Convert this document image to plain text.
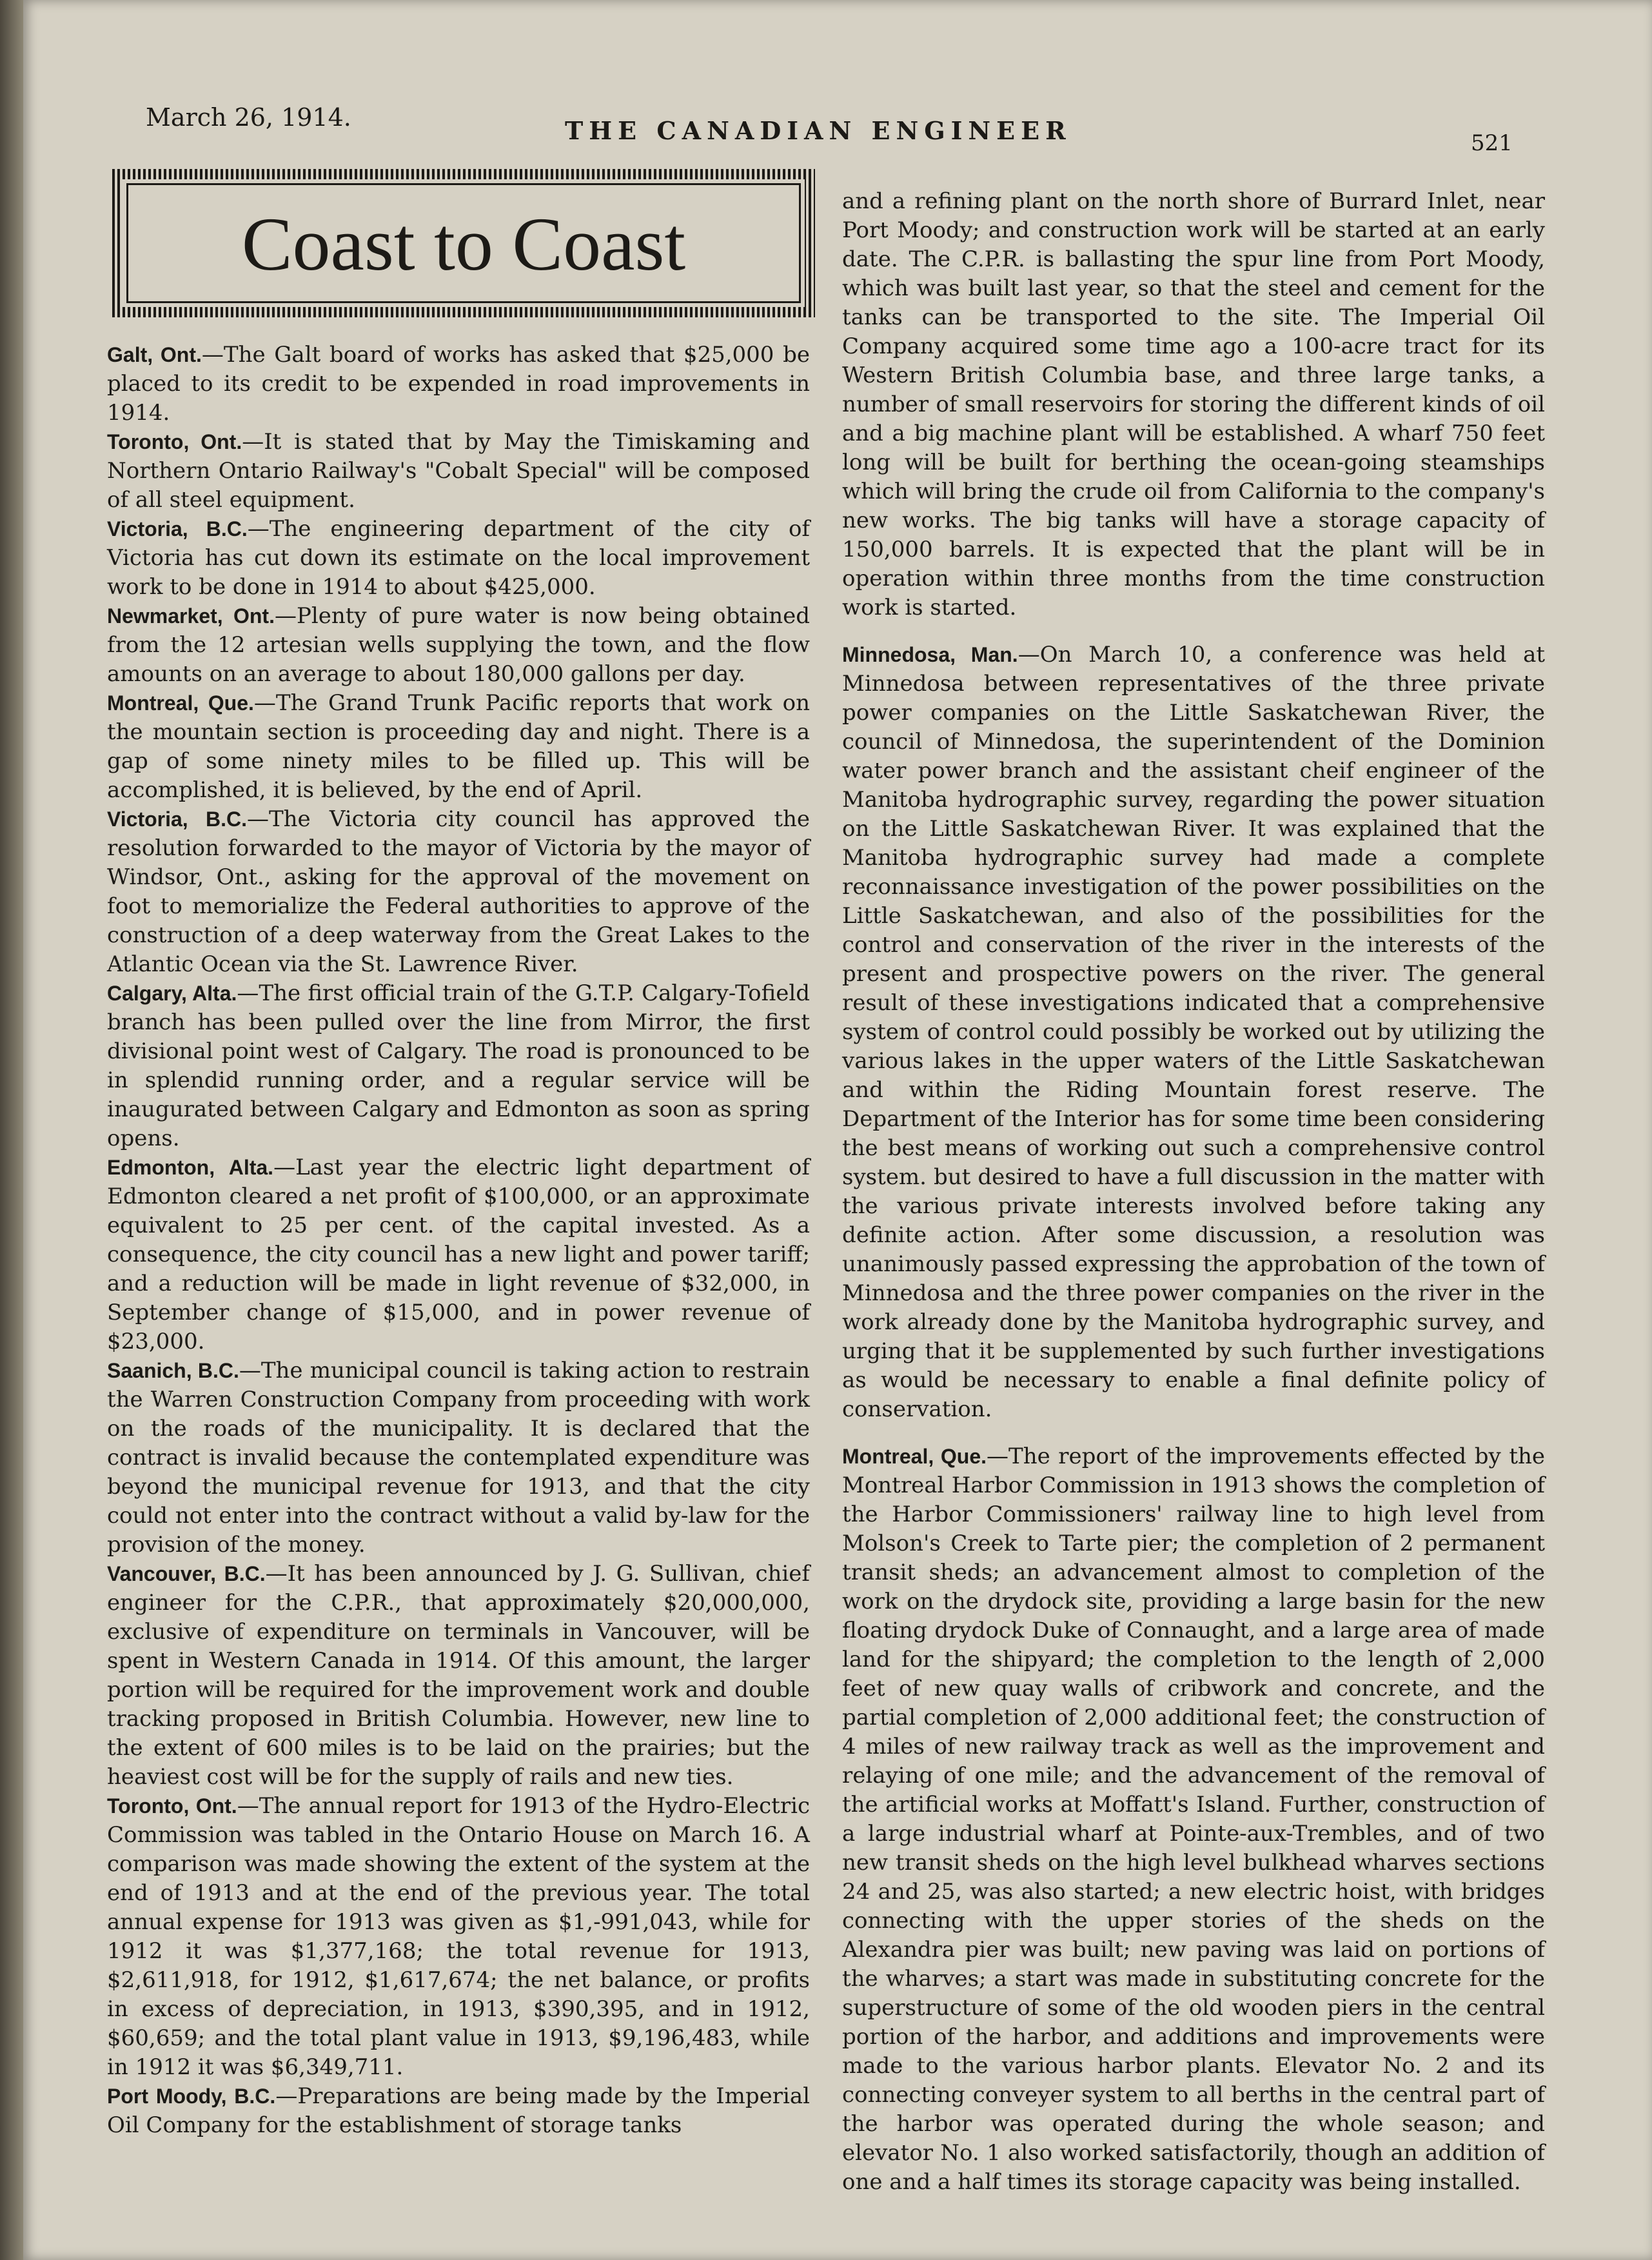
March 26, 1914.	THE CANADIAN ENGINEER	521
Coast to Coast

Galt, Ont.—The Galt board of works has asked that $25,000 be placed to its credit to be expended in road improvements in 1914.

Toronto, Ont.—It is stated that by May the Timiskaming and Northern Ontario Railway's "Cobalt Special" will be composed of all steel equipment.

Victoria, B.C.—The engineering department of the city of Victoria has cut down its estimate on the local improvement work to be done in 1914 to about $425,000.

Newmarket, Ont.—Plenty of pure water is now being obtained from the 12 artesian wells supplying the town, and the flow amounts on an average to about 180,000 gallons per day.

Montreal, Que.—The Grand Trunk Pacific reports that work on the mountain section is proceeding day and night. There is a gap of some ninety miles to be filled up. This will be accomplished, it is believed, by the end of April.

Victoria, B.C.—The Victoria city council has approved the resolution forwarded to the mayor of Victoria by the mayor of Windsor, Ont., asking for the approval of the movement on foot to memorialize the Federal authorities to approve of the construction of a deep waterway from the Great Lakes to the Atlantic Ocean via the St. Lawrence River.

Calgary, Alta.—The first official train of the G.T.P. Calgary-Tofield branch has been pulled over the line from Mirror, the first divisional point west of Calgary. The road is pronounced to be in splendid running order, and a regular service will be inaugurated between Calgary and Edmonton as soon as spring opens.

Edmonton, Alta.—Last year the electric light department of Edmonton cleared a net profit of $100,000, or an approximate equivalent to 25 per cent. of the capital invested. As a consequence, the city council has a new light and power tariff; and a reduction will be made in light revenue of $32,000, in September change of $15,000, and in power revenue of $23,000.

Saanich, B.C.—The municipal council is taking action to restrain the Warren Construction Company from proceeding with work on the roads of the municipality. It is declared that the contract is invalid because the contemplated expenditure was beyond the municipal revenue for 1913, and that the city could not enter into the contract without a valid by-law for the provision of the money.

Vancouver, B.C.—It has been announced by J. G. Sullivan, chief engineer for the C.P.R., that approximately $20,000,000, exclusive of expenditure on terminals in Vancouver, will be spent in Western Canada in 1914. Of this amount, the larger portion will be required for the improvement work and double tracking proposed in British Columbia. However, new line to the extent of 600 miles is to be laid on the prairies; but the heaviest cost will be for the supply of rails and new ties.

Toronto, Ont.—The annual report for 1913 of the Hydro-Electric Commission was tabled in the Ontario House on March 16. A comparison was made showing the extent of the system at the end of 1913 and at the end of the previous year. The total annual expense for 1913 was given as $1,-991,043, while for 1912 it was $1,377,168; the total revenue for 1913, $2,611,918, for 1912, $1,617,674; the net balance, or profits in excess of depreciation, in 1913, $390,395, and in 1912, $60,659; and the total plant value in 1913, $9,196,483, while in 1912 it was $6,349,711.

Port Moody, B.C.—Preparations are being made by the Imperial Oil Company for the establishment of storage tanks

and a refining plant on the north shore of Burrard Inlet, near Port Moody; and construction work will be started at an early date. The C.P.R. is ballasting the spur line from Port Moody, which was built last year, so that the steel and cement for the tanks can be transported to the site. The Imperial Oil Company acquired some time ago a 100-acre tract for its Western British Columbia base, and three large tanks, a number of small reservoirs for storing the different kinds of oil and a big machine plant will be established. A wharf 750 feet long will be built for berthing the ocean-going steamships which will bring the crude oil from California to the company's new works. The big tanks will have a storage capacity of 150,000 barrels. It is expected that the plant will be in operation within three months from the time construction work is started.

Minnedosa, Man.—On March 10, a conference was held at Minnedosa between representatives of the three private power companies on the Little Saskatchewan River, the council of Minnedosa, the superintendent of the Dominion water power branch and the assistant cheif engineer of the Manitoba hydrographic survey, regarding the power situation on the Little Saskatchewan River. It was explained that the Manitoba hydrographic survey had made a complete reconnaissance investigation of the power possibilities on the Little Saskatchewan, and also of the possibilities for the control and conservation of the river in the interests of the present and prospective powers on the river. The general result of these investigations indicated that a comprehensive system of control could possibly be worked out by utilizing the various lakes in the upper waters of the Little Saskatchewan and within the Riding Mountain forest reserve. The Department of the Interior has for some time been considering the best means of working out such a comprehensive control system. but desired to have a full discussion in the matter with the various private interests involved before taking any definite action. After some discussion, a resolution was unanimously passed expressing the approbation of the town of Minnedosa and the three power companies on the river in the work already done by the Manitoba hydrographic survey, and urging that it be supplemented by such further investigations as would be necessary to enable a final definite policy of conservation.

Montreal, Que.—The report of the improvements effected by the Montreal Harbor Commission in 1913 shows the completion of the Harbor Commissioners' railway line to high level from Molson's Creek to Tarte pier; the completion of 2 permanent transit sheds; an advancement almost to completion of the work on the drydock site, providing a large basin for the new floating drydock Duke of Connaught, and a large area of made land for the shipyard; the completion to the length of 2,000 feet of new quay walls of cribwork and concrete, and the partial completion of 2,000 additional feet; the construction of 4 miles of new railway track as well as the improvement and relaying of one mile; and the advancement of the removal of the artificial works at Moffatt's Island. Further, construction of a large industrial wharf at Pointe-aux-Trembles, and of two new transit sheds on the high level bulkhead wharves sections 24 and 25, was also started; a new electric hoist, with bridges connecting with the upper stories of the sheds on the Alexandra pier was built; new paving was laid on portions of the wharves; a start was made in substituting concrete for the superstructure of some of the old wooden piers in the central portion of the harbor, and additions and improvements were made to the various harbor plants. Elevator No. 2 and its connecting conveyer system to all berths in the central part of the harbor was operated during the whole season; and elevator No. 1 also worked satisfactorily, though an addition of one and a half times its storage capacity was being installed.
